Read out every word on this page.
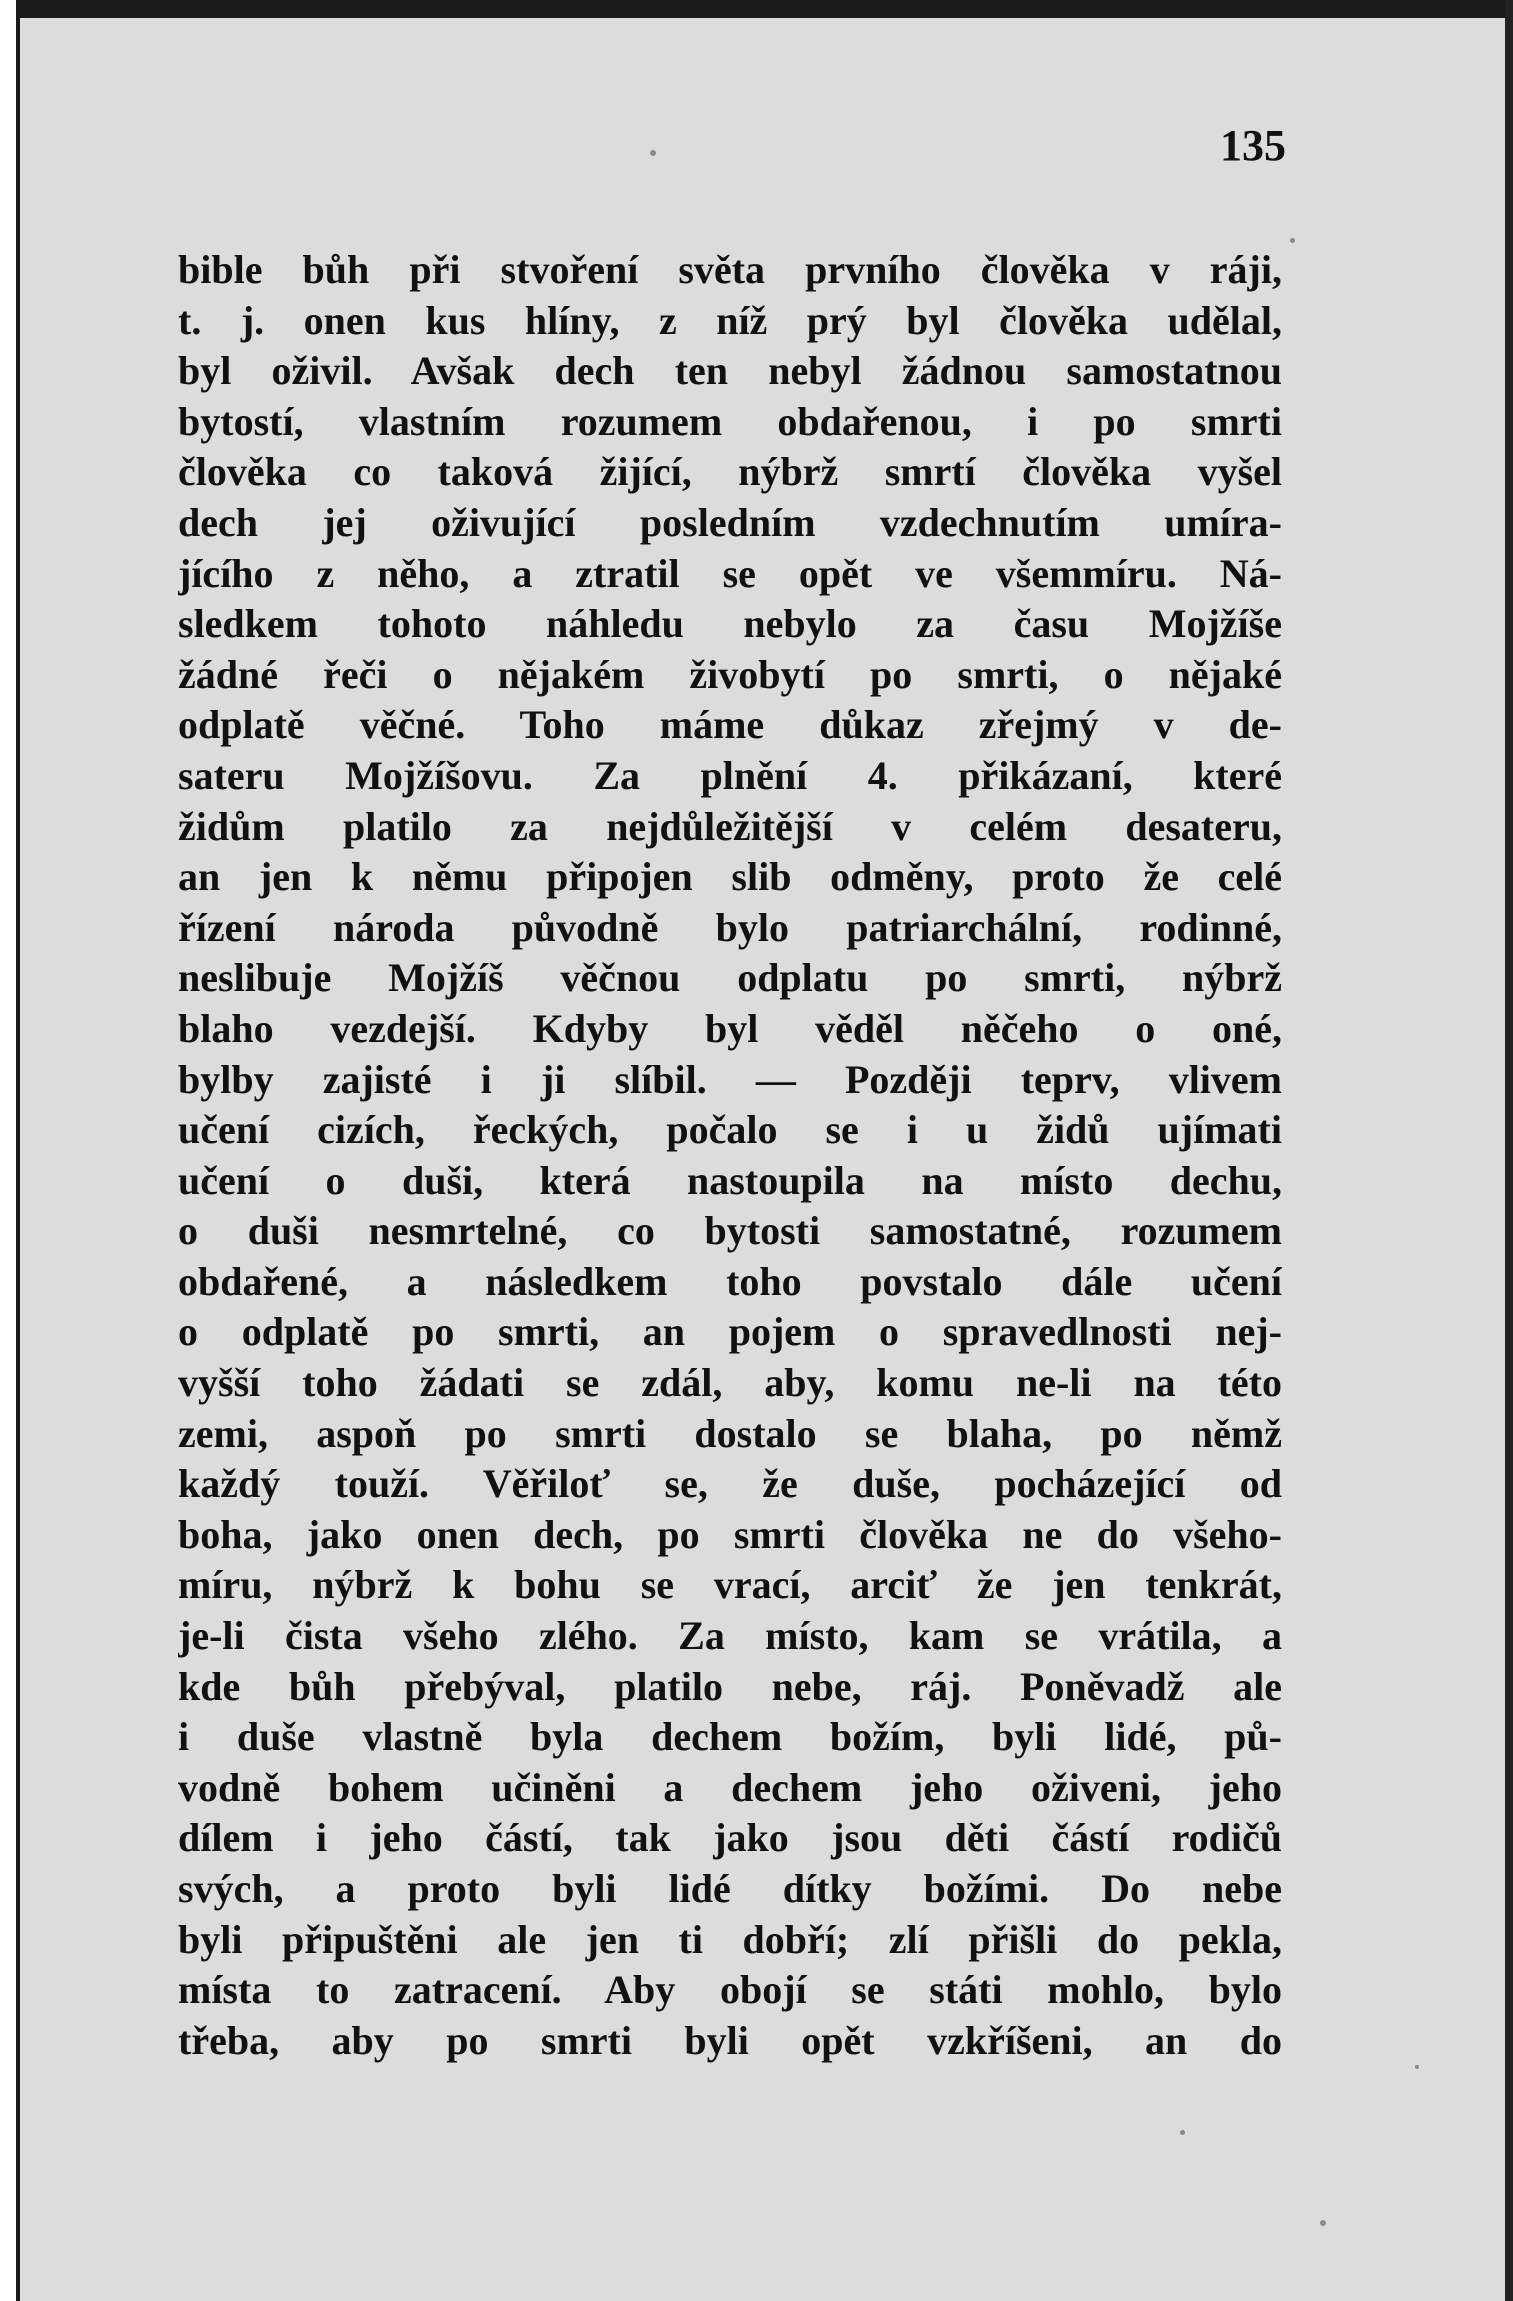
135
bible bůh při stvoření světa prvního člověka v ráji,
t. j. onen kus hlíny, z níž prý byl člověka udělal,
byl oživil. Avšak dech ten nebyl žádnou samostatnou
bytostí, vlastním rozumem obdařenou, i po smrti
člověka co taková žijící, nýbrž smrtí člověka vyšel
dech jej oživující posledním vzdechnutím umíra-
jícího z něho, a ztratil se opět ve všemmíru. Ná-
sledkem tohoto náhledu nebylo za času Mojžíše
žádné řeči o nějakém živobytí po smrti, o nějaké
odplatě věčné. Toho máme důkaz zřejmý v de-
sateru Mojžíšovu. Za plnění 4. přikázaní, které
židům platilo za nejdůležitější v celém desateru,
an jen k němu připojen slib odměny, proto že celé
řízení národa původně bylo patriarchální, rodinné,
neslibuje Mojžíš věčnou odplatu po smrti, nýbrž
blaho vezdejší. Kdyby byl věděl něčeho o oné,
bylby zajisté i ji slíbil. — Později teprv, vlivem
učení cizích, řeckých, počalo se i u židů ujímati
učení o duši, která nastoupila na místo dechu,
o duši nesmrtelné, co bytosti samostatné, rozumem
obdařené, a následkem toho povstalo dále učení
o odplatě po smrti, an pojem o spravedlnosti nej-
vyšší toho žádati se zdál, aby, komu ne-li na této
zemi, aspoň po smrti dostalo se blaha, po němž
každý touží. Věřiloť se, že duše, pocházející od
boha, jako onen dech, po smrti člověka ne do všeho-
míru, nýbrž k bohu se vrací, arciť že jen tenkrát,
je-li čista všeho zlého. Za místo, kam se vrátila, a
kde bůh přebýval, platilo nebe, ráj. Poněvadž ale
i duše vlastně byla dechem božím, byli lidé, pů-
vodně bohem učiněni a dechem jeho oživeni, jeho
dílem i jeho částí, tak jako jsou děti částí rodičů
svých, a proto byli lidé dítky božími. Do nebe
byli připuštěni ale jen ti dobří; zlí přišli do pekla,
místa to zatracení. Aby obojí se státi mohlo, bylo
třeba, aby po smrti byli opět vzkříšeni, an do
